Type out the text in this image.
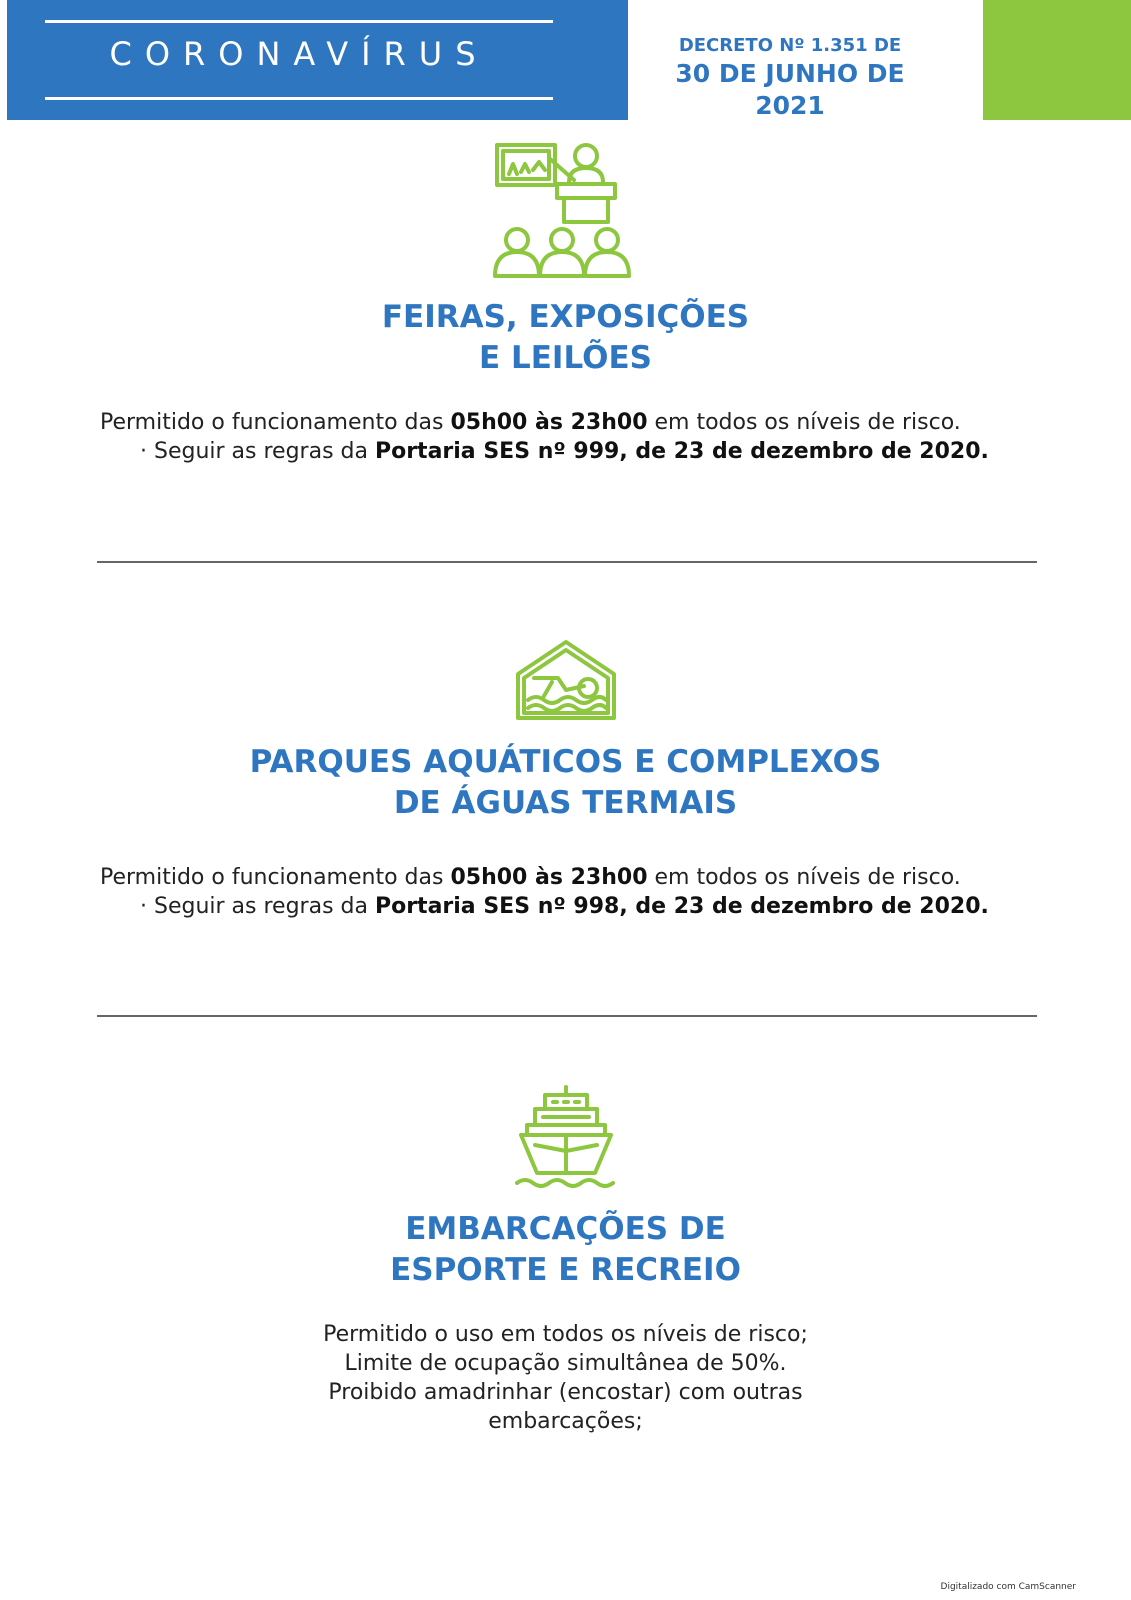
CORONAVÍRUS	DECRETO Nº 1.351 DE
30 DE JUNHO DE 2021
FEIRAS, EXPOSIÇÕES
E LEILÕES
Permitido o funcionamento das 05h00 às 23h00 em todos os níveis de risco.
· Seguir as regras da Portaria SES nº 999, de 23 de dezembro de 2020.
PARQUES AQUÁTICOS E COMPLEXOS
DE ÁGUAS TERMAIS
Permitido o funcionamento das 05h00 às 23h00 em todos os níveis de risco.
· Seguir as regras da Portaria SES nº 998, de 23 de dezembro de 2020.
EMBARCAÇÕES DE
ESPORTE E RECREIO
Permitido o uso em todos os níveis de risco;
Limite de ocupação simultânea de 50%.
Proibido amadrinhar (encostar) com outras
embarcações;
Digitalizado com CamScanner
